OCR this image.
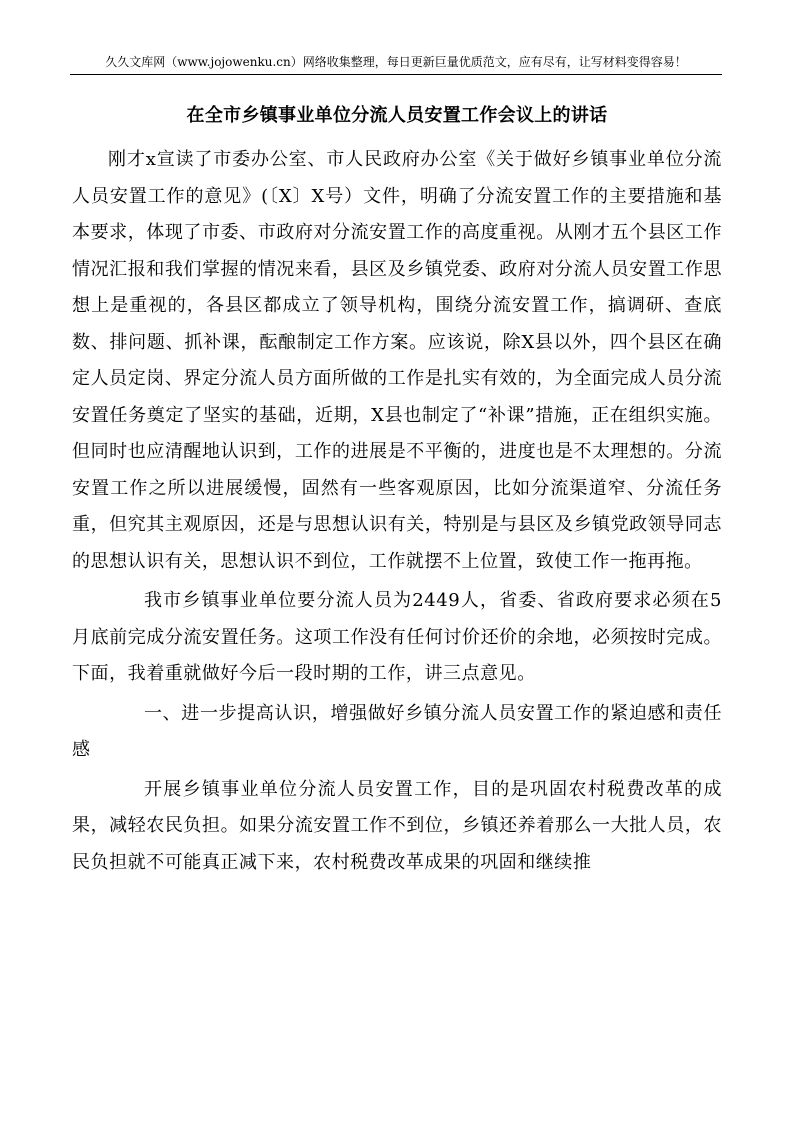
久久文库网（www.jojowenku.cn）网络收集整理，每日更新巨量优质范文，应有尽有，让写材料变得容易！
在全市乡镇事业单位分流人员安置工作会议上的讲话

刚才x宣读了市委办公室、市人民政府办公室《关于做好乡镇事业单位分流人员安置工作的意见》(〔X〕X号）文件，明确了分流安置工作的主要措施和基本要求，体现了市委、市政府对分流安置工作的高度重视。从刚才五个县区工作情况汇报和我们掌握的情况来看，县区及乡镇党委、政府对分流人员安置工作思想上是重视的，各县区都成立了领导机构，围绕分流安置工作，搞调研、查底数、排问题、抓补课，酝酿制定工作方案。应该说，除X县以外，四个县区在确定人员定岗、界定分流人员方面所做的工作是扎实有效的，为全面完成人员分流安置任务奠定了坚实的基础，近期，X县也制定了“补课”措施，正在组织实施。但同时也应清醒地认识到，工作的进展是不平衡的，进度也是不太理想的。分流安置工作之所以进展缓慢，固然有一些客观原因，比如分流渠道窄、分流任务重，但究其主观原因，还是与思想认识有关，特别是与县区及乡镇党政领导同志的思想认识有关，思想认识不到位，工作就摆不上位置，致使工作一拖再拖。

我市乡镇事业单位要分流人员为2449人，省委、省政府要求必须在5月底前完成分流安置任务。这项工作没有任何讨价还价的余地，必须按时完成。下面，我着重就做好今后一段时期的工作，讲三点意见。

一、进一步提高认识，增强做好乡镇分流人员安置工作的紧迫感和责任感

开展乡镇事业单位分流人员安置工作，目的是巩固农村税费改革的成果，减轻农民负担。如果分流安置工作不到位，乡镇还养着那么一大批人员，农民负担就不可能真正减下来，农村税费改革成果的巩固和继续推
